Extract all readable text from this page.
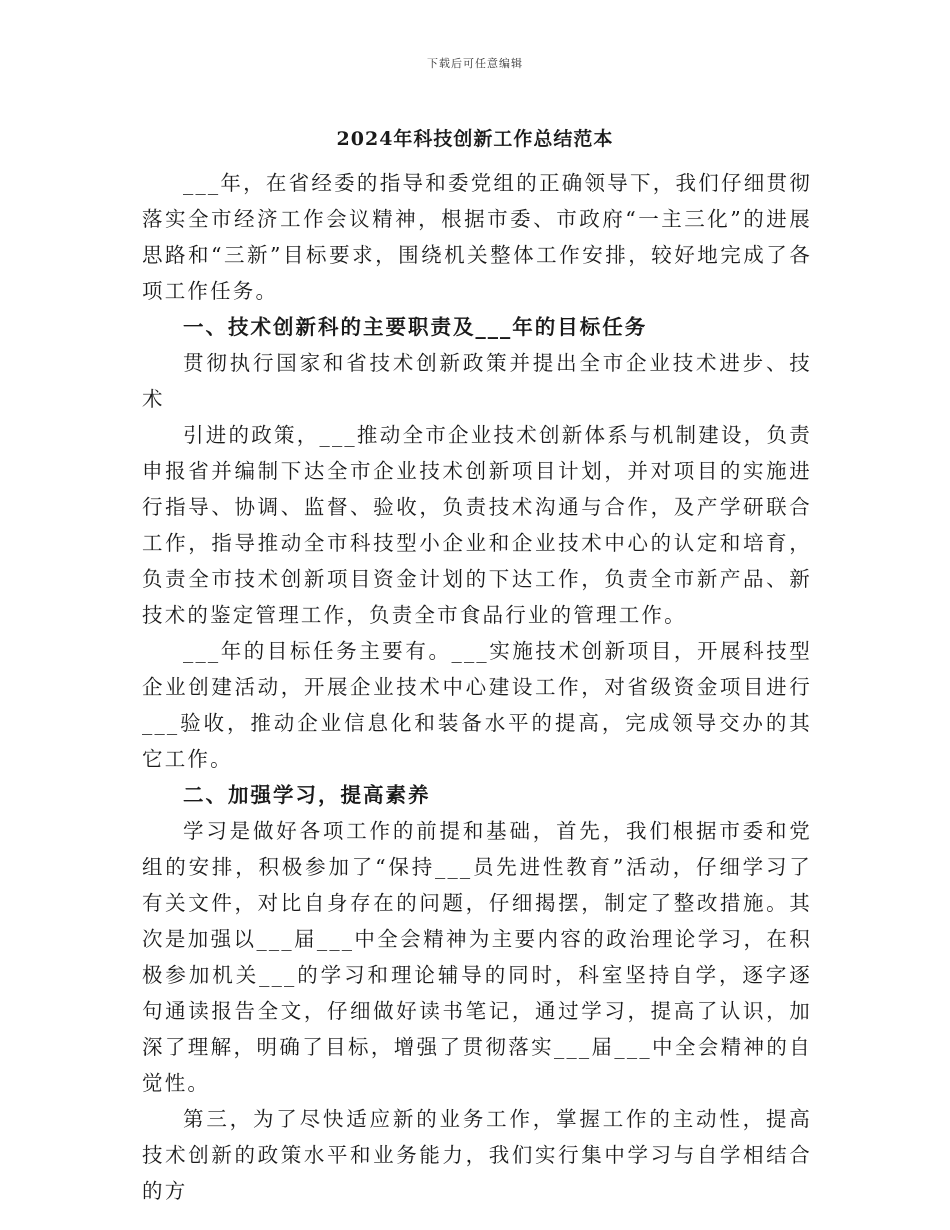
下载后可任意编辑
2024年科技创新工作总结范本

___年，在省经委的指导和委党组的正确领导下，我们仔细贯彻落实全市经济工作会议精神，根据市委、市政府“一主三化”的进展思路和“三新”目标要求，围绕机关整体工作安排，较好地完成了各项工作任务。

一、技术创新科的主要职责及___年的目标任务

贯彻执行国家和省技术创新政策并提出全市企业技术进步、技术

引进的政策，___推动全市企业技术创新体系与机制建设，负责申报省并编制下达全市企业技术创新项目计划，并对项目的实施进行指导、协调、监督、验收，负责技术沟通与合作，及产学研联合工作，指导推动全市科技型小企业和企业技术中心的认定和培育，负责全市技术创新项目资金计划的下达工作，负责全市新产品、新技术的鉴定管理工作，负责全市食品行业的管理工作。

___年的目标任务主要有。___实施技术创新项目，开展科技型企业创建活动，开展企业技术中心建设工作，对省级资金项目进行___验收，推动企业信息化和装备水平的提高，完成领导交办的其它工作。

二、加强学习，提高素养

学习是做好各项工作的前提和基础，首先，我们根据市委和党组的安排，积极参加了“保持___员先进性教育”活动，仔细学习了有关文件，对比自身存在的问题，仔细揭摆，制定了整改措施。其次是加强以___届___中全会精神为主要内容的政治理论学习，在积极参加机关___的学习和理论辅导的同时，科室坚持自学，逐字逐句通读报告全文，仔细做好读书笔记，通过学习，提高了认识，加深了理解，明确了目标，增强了贯彻落实___届___中全会精神的自觉性。

第三，为了尽快适应新的业务工作，掌握工作的主动性，提高技术创新的政策水平和业务能力，我们实行集中学习与自学相结合的方
